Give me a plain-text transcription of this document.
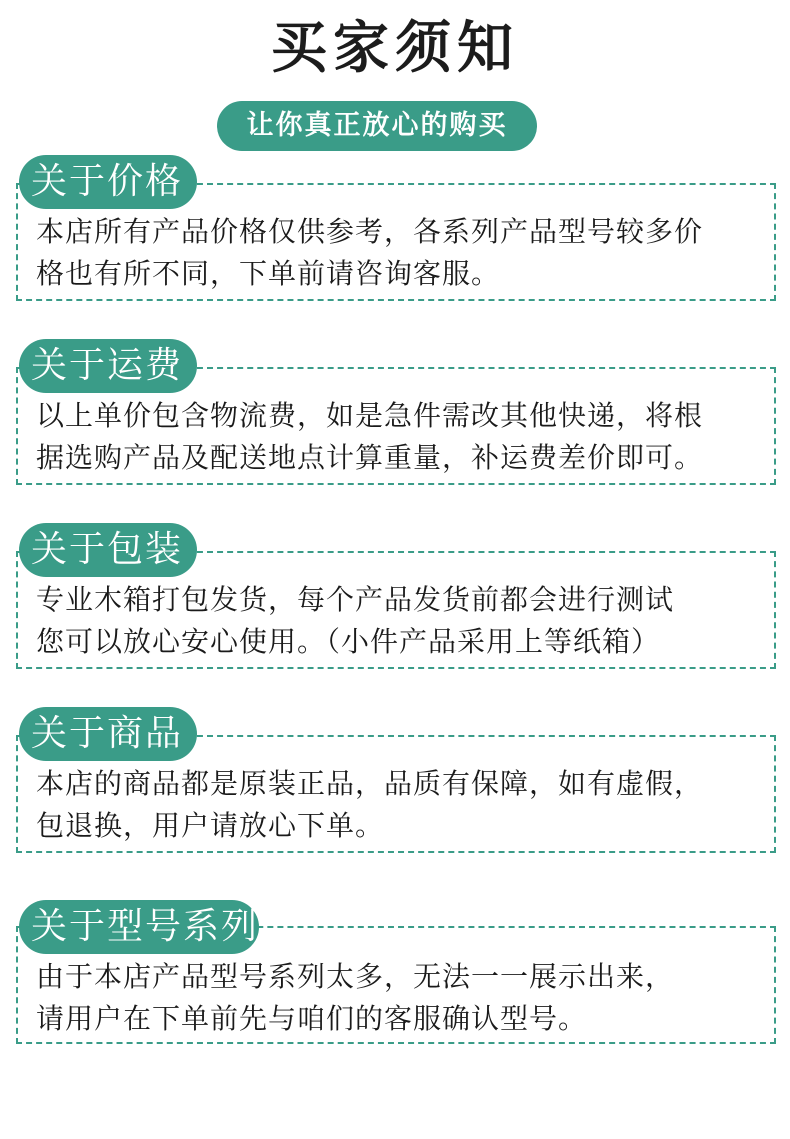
买家须知
让你真正放心的购买
关于价格
本店所有产品价格仅供参考，各系列产品型号较多价
格也有所不同，下单前请咨询客服。
关于运费
以上单价包含物流费，如是急件需改其他快递，将根
据选购产品及配送地点计算重量，补运费差价即可。
关于包装
专业木箱打包发货，每个产品发货前都会进行测试
您可以放心安心使用。（小件产品采用上等纸箱）
关于商品
本店的商品都是原装正品，品质有保障，如有虚假，
包退换，用户请放心下单。
关于型号系列
由于本店产品型号系列太多，无法一一展示出来，
请用户在下单前先与咱们的客服确认型号。
